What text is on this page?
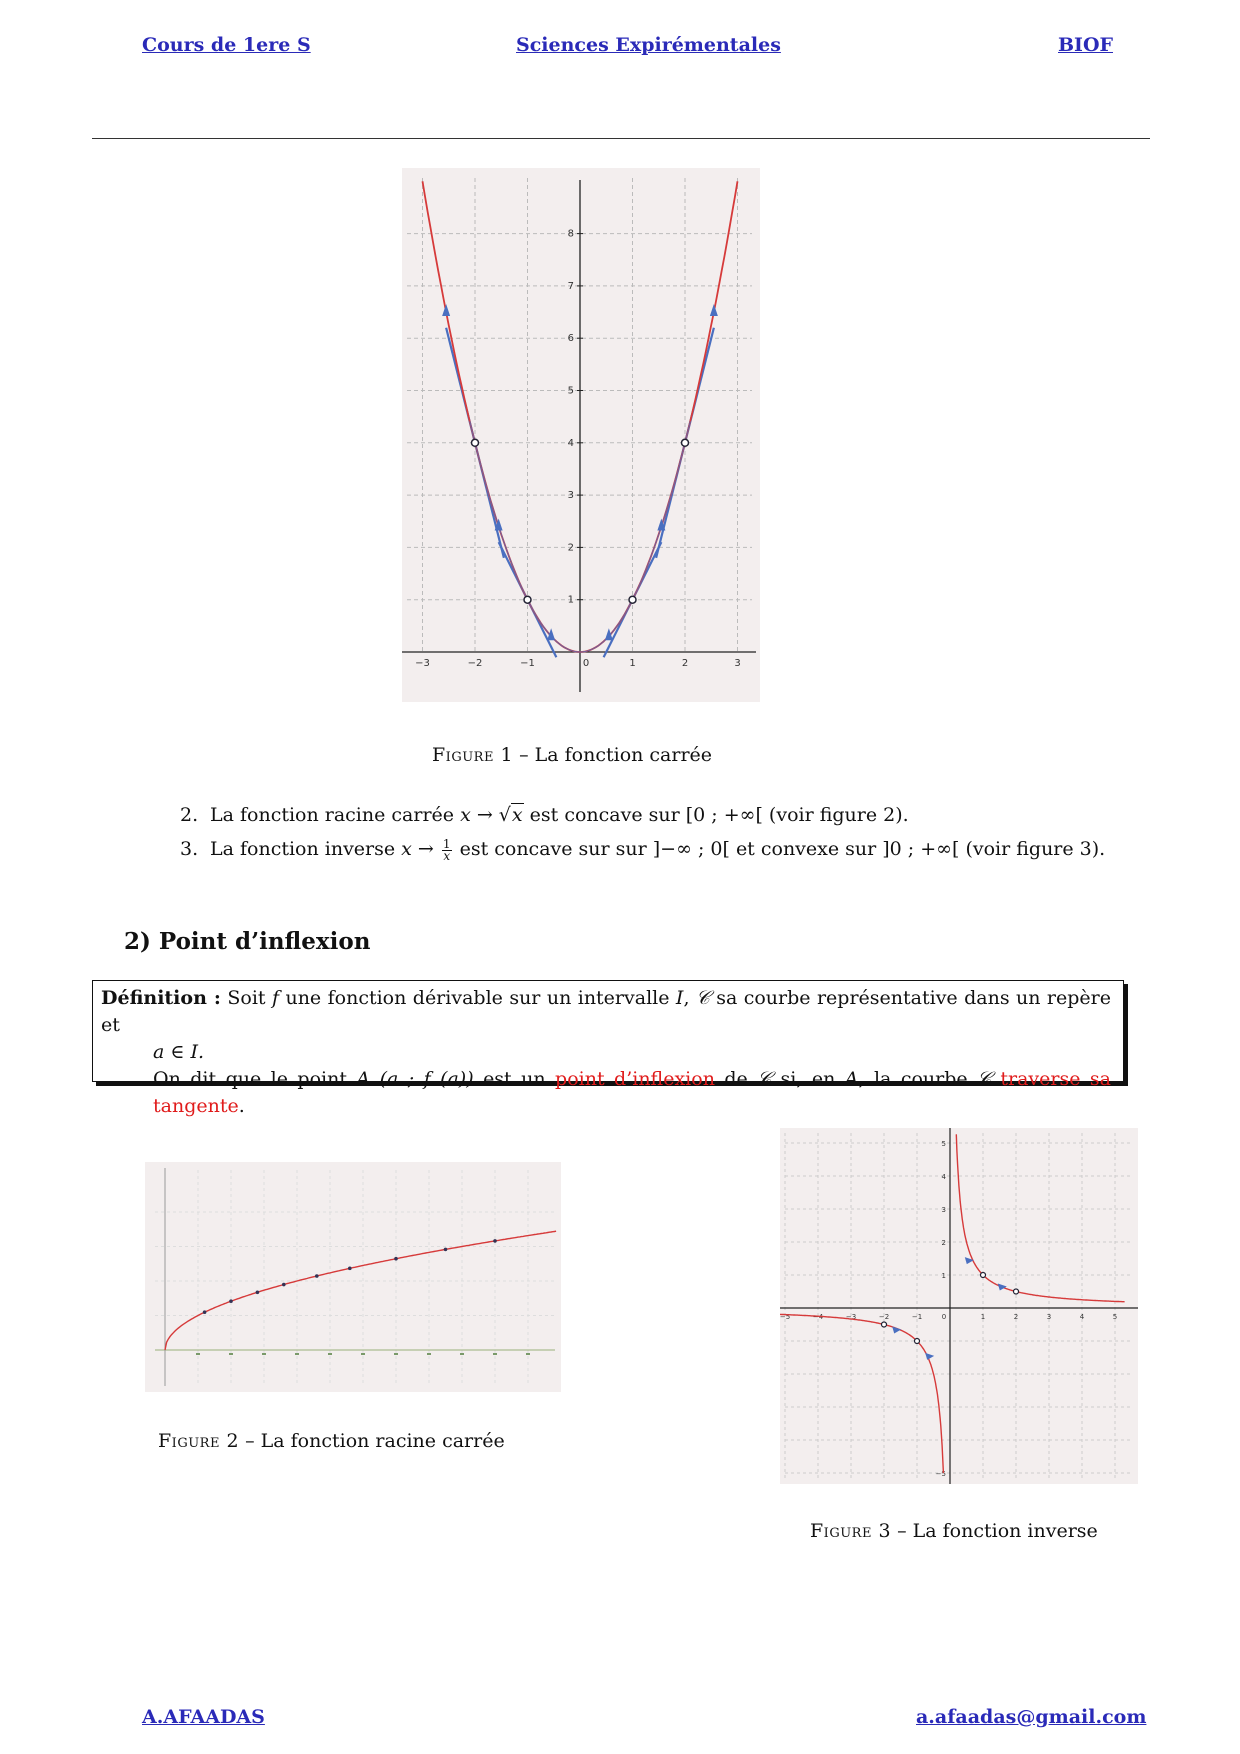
Cours de 1ere S	Sciences Expirémentales	BIOF
−3	−2	−1	0	1	2	3
1
2
3
4
5
6
7
8
Figure 1 – La fonction carrée
2. La fonction racine carrée x → √x est concave sur [0 ; +∞[ (voir figure 2).
3. La fonction inverse $x \to \frac{1}{x}$ est concave sur sur ]−∞ ; 0[ et convexe sur ]0 ; +∞[ (voir figure 3).
2) Point d’inflexion
Définition : Soit f une fonction dérivable sur un intervalle I, 𝒞 sa courbe représentative dans un repère et
a ∈ I.
On dit que le point A (a ; f (a)) est un point d’inflexion de 𝒞 si, en A, la courbe 𝒞 traverse sa tangente.
Figure 2 – La fonction racine carrée
−5	−4	−3	−2	−1	0	1	2	3	4	5
5
4
3
2
1
−5
Figure 3 – La fonction inverse
A.AFAADAS	a.afaadas@gmail.com
